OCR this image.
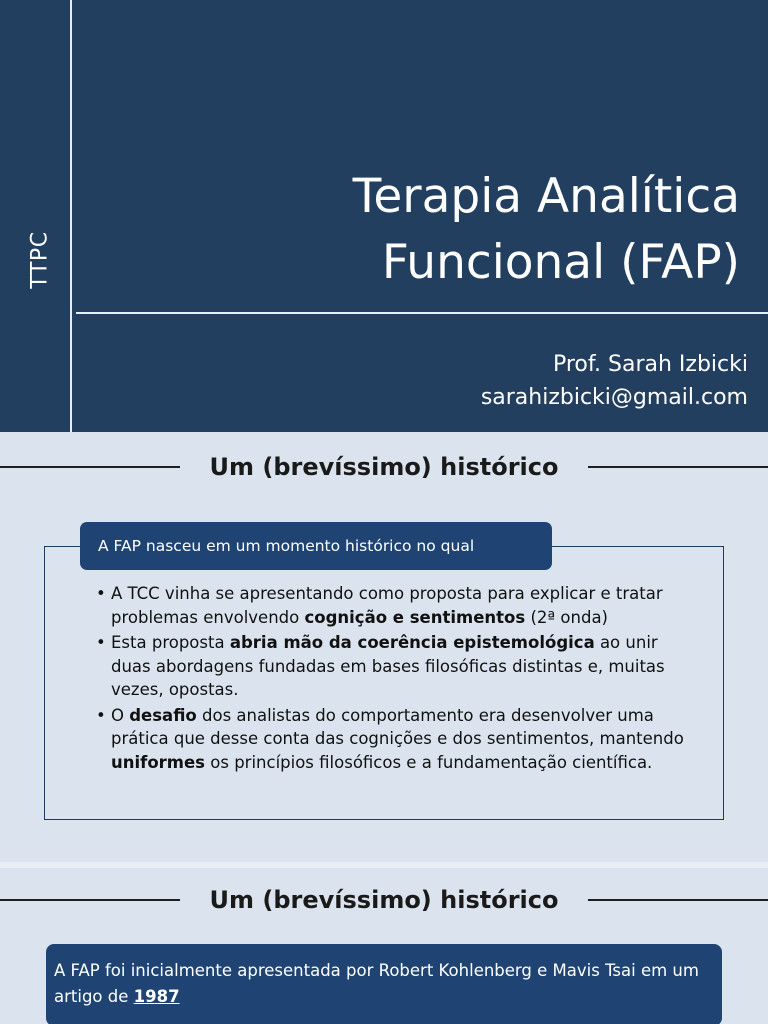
TTPC
Terapia Analítica
Funcional (FAP)
Prof. Sarah Izbicki
sarahizbicki@gmail.com
Um (brevíssimo) histórico
A FAP nasceu em um momento histórico no qual
• A TCC vinha se apresentando como proposta para explicar e tratar problemas envolvendo cognição e sentimentos (2ª onda)
• Esta proposta abria mão da coerência epistemológica ao unir duas abordagens fundadas em bases filosóficas distintas e, muitas vezes, opostas.
• O desafio dos analistas do comportamento era desenvolver uma prática que desse conta das cognições e dos sentimentos, mantendo uniformes os princípios filosóficos e a fundamentação científica.
Um (brevíssimo) histórico
A FAP foi inicialmente apresentada por Robert Kohlenberg e Mavis Tsai em um artigo de 1987
